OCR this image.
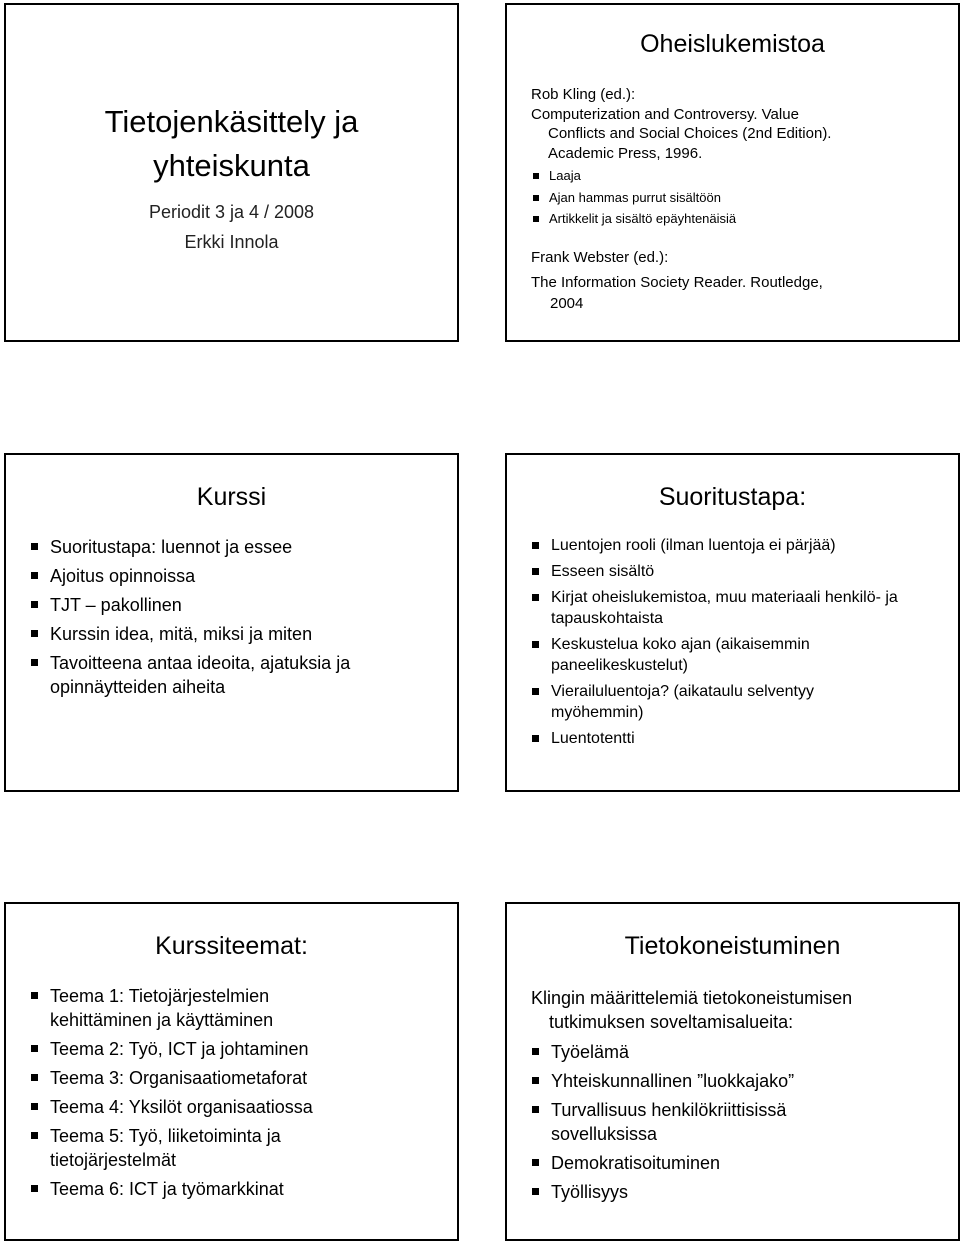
Tietojenkäsittely ja
yhteiskunta
Periodit 3 ja 4 / 2008
Erkki Innola
Oheislukemistoa
Rob Kling (ed.):
Computerization and Controversy. Value
Conflicts and Social Choices (2nd Edition).
Academic Press, 1996.
Laaja
Ajan hammas purrut sisältöön
Artikkelit ja sisältö epäyhtenäisiä
Frank Webster (ed.):
The Information Society Reader. Routledge,
2004
Kurssi
Suoritustapa: luennot ja essee
Ajoitus opinnoissa
TJT – pakollinen
Kurssin idea, mitä, miksi ja miten
Tavoitteena antaa ideoita, ajatuksia ja opinnäytteiden aiheita
Suoritustapa:
Luentojen rooli (ilman luentoja ei pärjää)
Esseen sisältö
Kirjat oheislukemistoa, muu materiaali henkilö- ja tapauskohtaista
Keskustelua koko ajan (aikaisemmin paneelikeskustelut)
Vierailuluentoja? (aikataulu selventyy myöhemmin)
Luentotentti
Kurssiteemat:
Teema 1: Tietojärjestelmien kehittäminen ja käyttäminen
Teema 2: Työ, ICT ja johtaminen
Teema 3: Organisaatiometaforat
Teema 4: Yksilöt organisaatiossa
Teema 5: Työ, liiketoiminta ja tietojärjestelmät
Teema 6: ICT ja työmarkkinat
Tietokoneistuminen
Klingin määrittelemiä tietokoneistumisen
tutkimuksen soveltamisalueita:
Työelämä
Yhteiskunnallinen ”luokkajako”
Turvallisuus henkilökriittisissä sovelluksissa
Demokratisoituminen
Työllisyys
